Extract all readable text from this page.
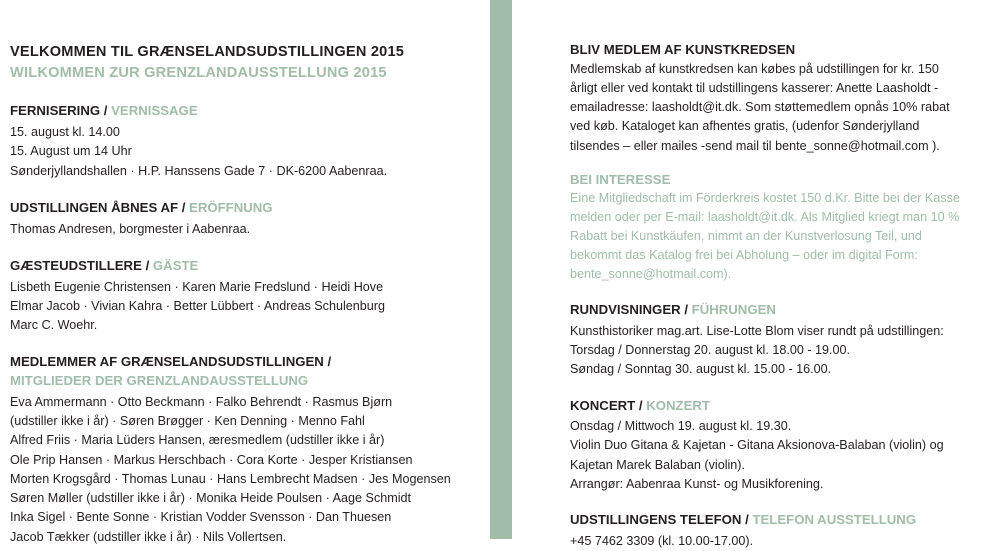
VELKOMMEN TIL GRÆNSELANDSUDSTILLINGEN 2015
WILKOMMEN ZUR GRENZLANDAUSSTELLUNG 2015
FERNISERING / VERNISSAGE

15. august kl. 14.00
15. August um 14 Uhr
Sønderjyllandshallen · H.P. Hanssens Gade 7 · DK-6200 Aabenraa.

UDSTILLINGEN ÅBNES AF / ERÖFFNUNG

Thomas Andresen, borgmester i Aabenraa.

GÆSTEUDSTILLERE / GÄSTE

Lisbeth Eugenie Christensen · Karen Marie Fredslund · Heidi Hove
Elmar Jacob · Vivian Kahra · Better Lübbert · Andreas Schulenburg
Marc C. Woehr.

MEDLEMMER AF GRÆNSELANDSUDSTILLINGEN /
MITGLIEDER DER GRENZLANDAUSSTELLUNG

Eva Ammermann · Otto Beckmann · Falko Behrendt · Rasmus Bjørn
(udstiller ikke i år) · Søren Brøgger · Ken Denning · Menno Fahl
Alfred Friis · Maria Lüders Hansen, æresmedlem (udstiller ikke i år)
Ole Prip Hansen · Markus Herschbach · Cora Korte · Jesper Kristiansen
Morten Krogsgård · Thomas Lunau · Hans Lembrecht Madsen · Jes Mogensen
Søren Møller (udstiller ikke i år) · Monika Heide Poulsen · Aage Schmidt
Inka Sigel · Bente Sonne · Kristian Vodder Svensson · Dan Thuesen
Jacob Tækker (udstiller ikke i år) · Nils Vollertsen.

BLIV MEDLEM AF KUNSTKREDSEN

Medlemskab af kunstkredsen kan købes på udstillingen for kr. 150 årligt eller ved kontakt til udstillingens kasserer: Anette Laasholdt - emailadresse: laasholdt@it.dk. Som støttemedlem opnås 10% rabat ved køb. Kataloget kan afhentes gratis, (udenfor Sønderjylland tilsendes – eller mailes -send mail til bente_sonne@hotmail.com ).

BEI INTERESSE

Eine Mitgliedschaft im Förderkreis kostet 150 d.Kr. Bitte bei der Kasse melden oder per E-mail: laasholdt@it.dk. Als Mitglied kriegt man 10 % Rabatt bei Kunstkäufen, nimmt an der Kunstverlosung Teil, und bekommt das Katalog frei bei Abholung – oder im digital Form: bente_sonne@hotmail.com).

RUNDVISNINGER / FÜHRUNGEN

Kunsthistoriker mag.art. Lise-Lotte Blom viser rundt på udstillingen:
Torsdag / Donnerstag 20. august kl. 18.00 - 19.00.
Søndag / Sonntag 30. august kl. 15.00 - 16.00.

KONCERT / KONZERT

Onsdag / Mittwoch 19. august kl. 19.30.
Violin Duo Gitana & Kajetan - Gitana Aksionova-Balaban (violin) og
Kajetan Marek Balaban (violin).
Arrangør: Aabenraa Kunst- og Musikforening.

UDSTILLINGENS TELEFON / TELEFON AUSSTELLUNG

+45 7462 3309 (kl. 10.00-17.00).
